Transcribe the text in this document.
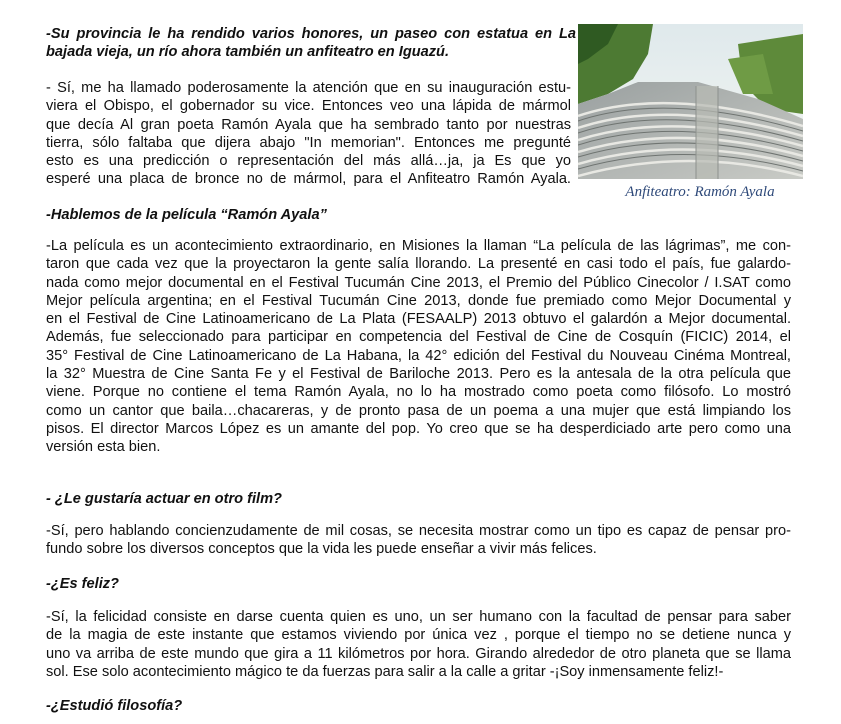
-Su provincia le ha rendido varios honores, un paseo con estatua en La
bajada vieja, un río ahora también un anfiteatro en Iguazú.
- Sí, me ha llamado poderosamente la atención que en su inauguración estu-
viera el Obispo, el gobernador su vice. Entonces veo una lápida de mármol
que decía Al gran poeta Ramón Ayala que ha sembrado tanto por nuestras
tierra, sólo faltaba que dijera abajo "In memorian". Entonces me pregunté
esto es una predicción o representación del más allá…ja, ja Es que yo
esperé una placa de bronce no de mármol, para el Anfiteatro Ramón Ayala.
Anfiteatro: Ramón Ayala
-Hablemos de la película “Ramón Ayala”
-La película es un acontecimiento extraordinario, en Misiones la llaman “La película de las lágrimas”, me con-
taron que cada vez que la proyectaron la gente salía llorando. La presenté en casi todo el país, fue galardo-
nada como mejor documental en el Festival Tucumán Cine 2013, el Premio del Público Cinecolor / I.SAT como
Mejor película argentina; en el Festival Tucumán Cine 2013, donde fue premiado como Mejor Documental y
en el Festival de Cine Latinoamericano de La Plata (FESAALP) 2013 obtuvo el galardón a Mejor documental.
Además, fue seleccionado para participar en competencia del Festival de Cine de Cosquín (FICIC) 2014, el
35° Festival de Cine Latinoamericano de La Habana, la 42° edición del Festival du Nouveau Cinéma Montreal,
la 32° Muestra de Cine Santa Fe y el Festival de Bariloche 2013. Pero es la antesala de la otra película que
viene. Porque no contiene el tema Ramón Ayala, no lo ha mostrado como poeta como filósofo. Lo mostró
como un cantor que baila…chacareras, y de pronto pasa de un poema a una mujer que está limpiando los
pisos. El director Marcos López es un amante del pop. Yo creo que se ha desperdiciado arte pero como una
versión esta bien.
- ¿Le gustaría actuar en otro film?
-Sí, pero hablando concienzudamente de mil cosas, se necesita mostrar como un tipo es capaz de pensar pro-
fundo sobre los diversos conceptos que la vida les puede enseñar a vivir más felices.
-¿Es feliz?
-Sí, la felicidad consiste en darse cuenta quien es uno, un ser humano con la facultad de pensar para saber
de la magia de este instante que estamos viviendo por única vez , porque el tiempo no se detiene nunca y
uno va arriba de este mundo que gira a 11 kilómetros por hora. Girando alrededor de otro planeta que se llama
sol. Ese solo acontecimiento mágico te da fuerzas para salir a la calle a gritar -¡Soy inmensamente feliz!-
-¿Estudió filosofía?
